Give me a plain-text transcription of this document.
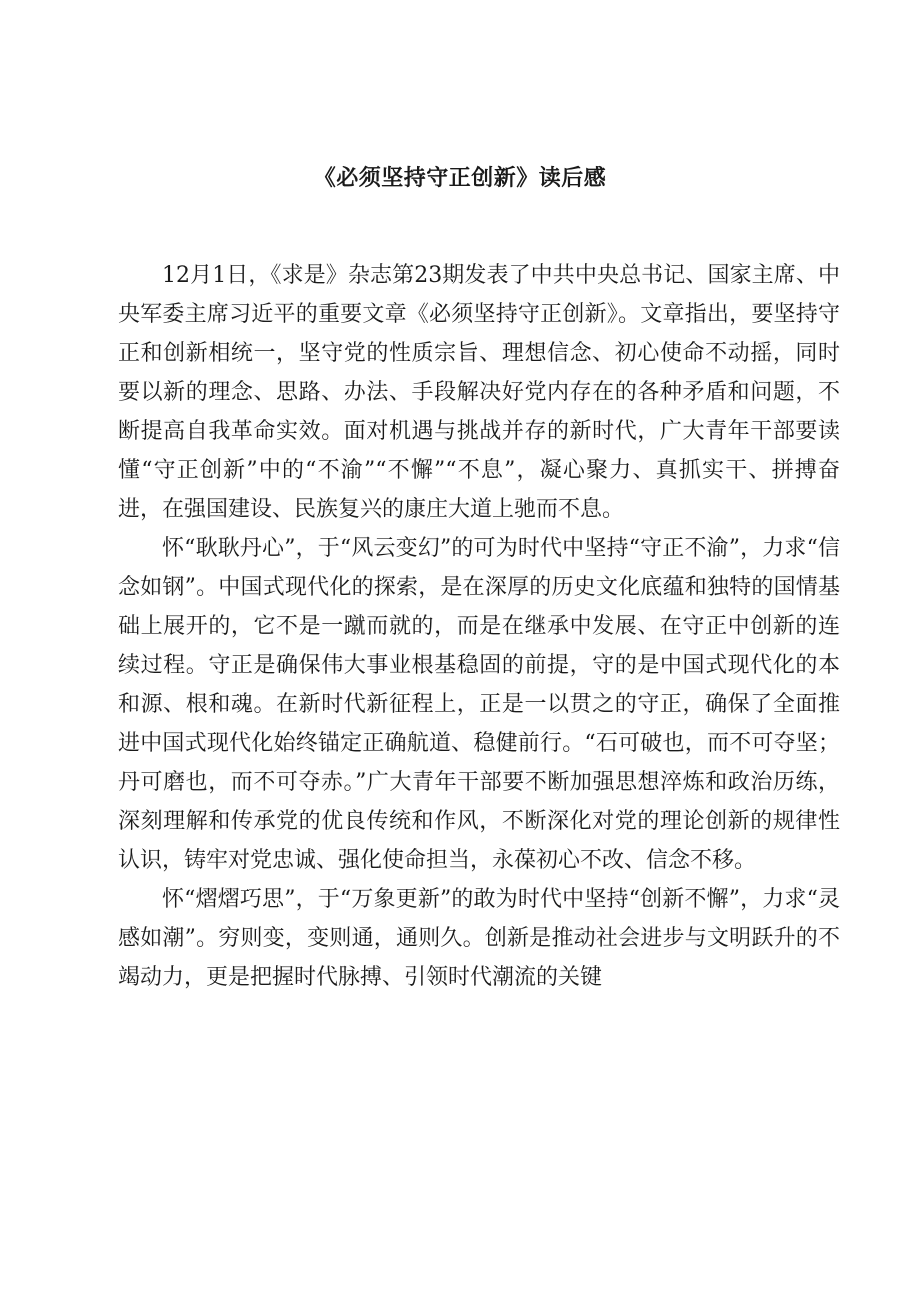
《必须坚持守正创新》读后感

12月1日，《求是》杂志第23期发表了中共中央总书记、国家主席、中央军委主席习近平的重要文章《必须坚持守正创新》。文章指出，要坚持守正和创新相统一，坚守党的性质宗旨、理想信念、初心使命不动摇，同时要以新的理念、思路、办法、手段解决好党内存在的各种矛盾和问题，不断提高自我革命实效。面对机遇与挑战并存的新时代，广大青年干部要读懂“守正创新”中的“不渝”“不懈”“不息”，凝心聚力、真抓实干、拼搏奋进，在强国建设、民族复兴的康庄大道上驰而不息。

怀“耿耿丹心”，于“风云变幻”的可为时代中坚持“守正不渝”，力求“信念如钢”。中国式现代化的探索，是在深厚的历史文化底蕴和独特的国情基础上展开的，它不是一蹴而就的，而是在继承中发展、在守正中创新的连续过程。守正是确保伟大事业根基稳固的前提，守的是中国式现代化的本和源、根和魂。在新时代新征程上，正是一以贯之的守正，确保了全面推进中国式现代化始终锚定正确航道、稳健前行。“石可破也，而不可夺坚；丹可磨也，而不可夺赤。”广大青年干部要不断加强思想淬炼和政治历练，深刻理解和传承党的优良传统和作风，不断深化对党的理论创新的规律性认识，铸牢对党忠诚、强化使命担当，永葆初心不改、信念不移。

怀“熠熠巧思”，于“万象更新”的敢为时代中坚持“创新不懈”，力求“灵感如潮”。穷则变，变则通，通则久。创新是推动社会进步与文明跃升的不竭动力，更是把握时代脉搏、引领时代潮流的关键
